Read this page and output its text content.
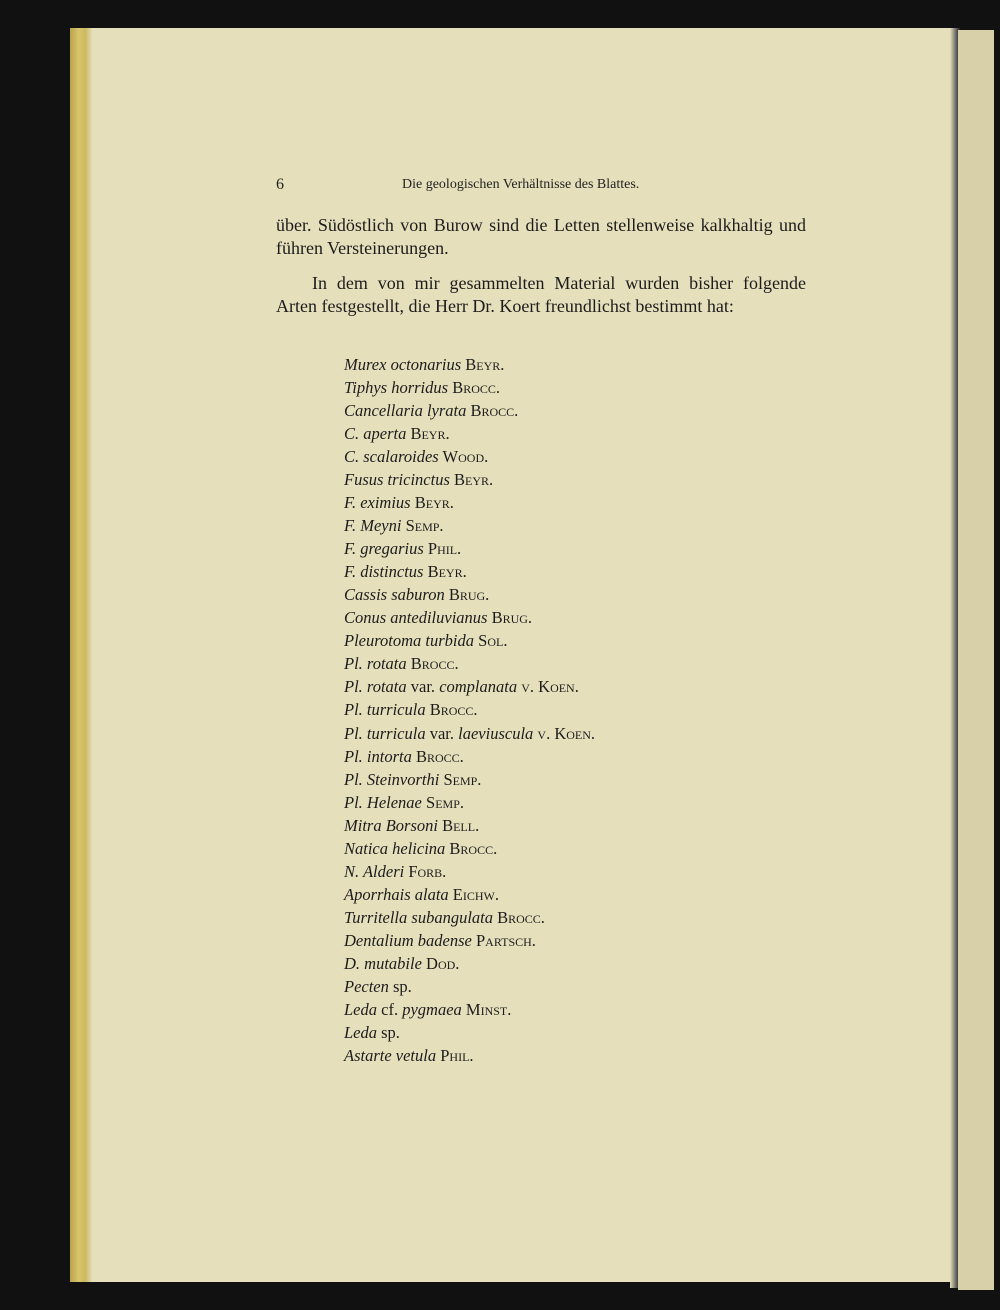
6	Die geologischen Verhältnisse des Blattes.
über. Südöstlich von Burow sind die Letten stellenweise kalkhaltig und führen Versteinerungen.
In dem von mir gesammelten Material wurden bisher folgende Arten festgestellt, die Herr Dr. Koert freundlichst bestimmt hat:
Murex octonarius Beyr.
Tiphys horridus Brocc.
Cancellaria lyrata Brocc.
C. aperta Beyr.
C. scalaroides Wood.
Fusus tricinctus Beyr.
F. eximius Beyr.
F. Meyni Semp.
F. gregarius Phil.
F. distinctus Beyr.
Cassis saburon Brug.
Conus antediluvianus Brug.
Pleurotoma turbida Sol.
Pl. rotata Brocc.
Pl. rotata var. complanata v. Koen.
Pl. turricula Brocc.
Pl. turricula var. laeviuscula v. Koen.
Pl. intorta Brocc.
Pl. Steinvorthi Semp.
Pl. Helenae Semp.
Mitra Borsoni Bell.
Natica helicina Brocc.
N. Alderi Forb.
Aporrhais alata Eichw.
Turritella subangulata Brocc.
Dentalium badense Partsch.
D. mutabile Dod.
Pecten sp.
Leda cf. pygmaea Minst.
Leda sp.
Astarte vetula Phil.
